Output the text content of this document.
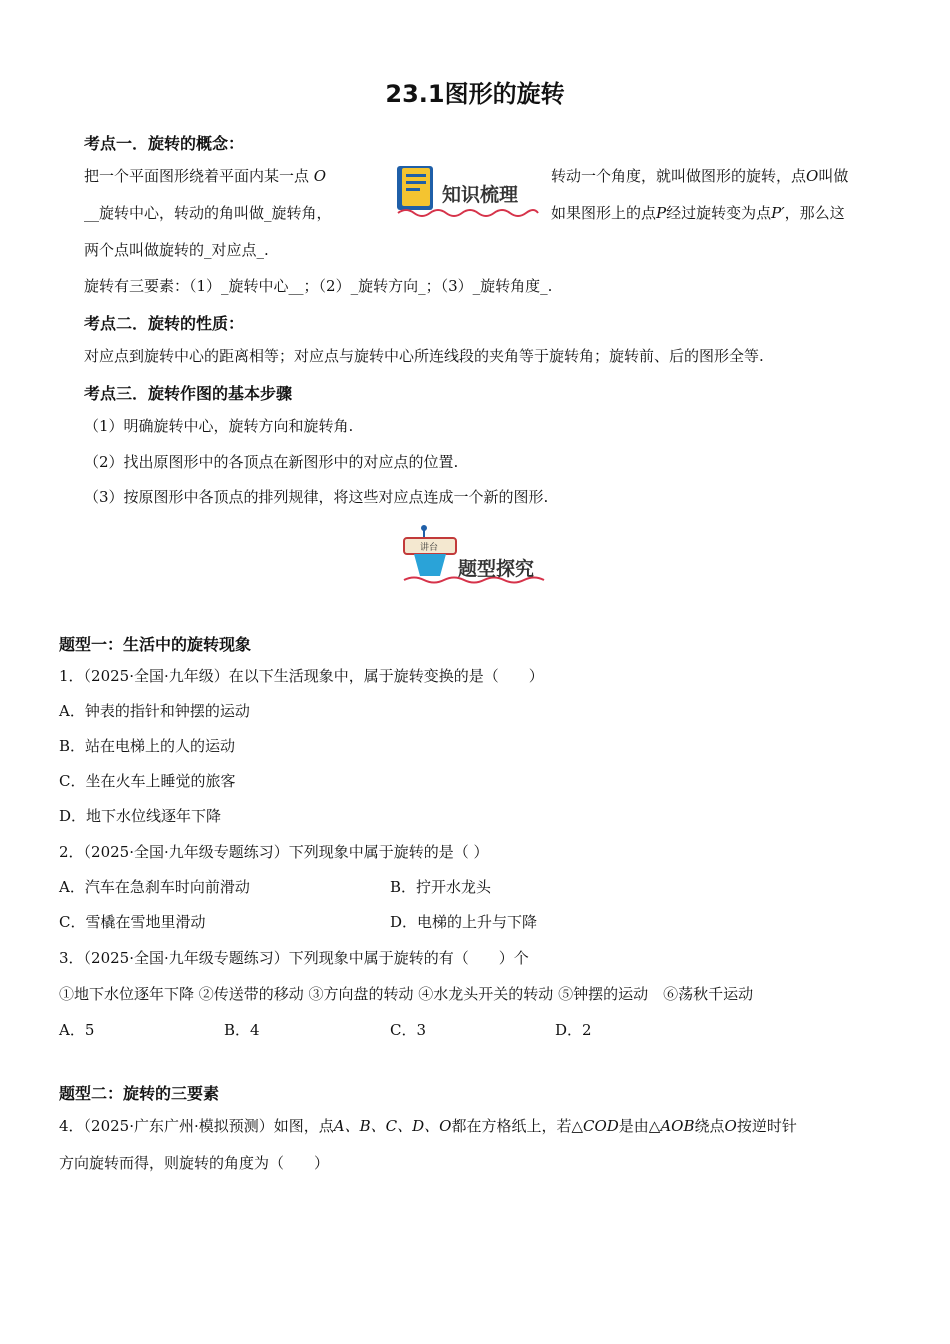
23.1图形的旋转
考点一．旋转的概念：
把一个平面图形绕着平面内某一点 O	转动一个角度，就叫做图形的旋转，点O叫做
知识梳理
__旋转中心，转动的角叫做_旋转角，	如果图形上的点P经过旋转变为点P′，那么这
两个点叫做旋转的_对应点_.
旋转有三要素：（1）_旋转中心__；（2）_旋转方向_；（3）_旋转角度_.
考点二．旋转的性质：
对应点到旋转中心的距离相等；对应点与旋转中心所连线段的夹角等于旋转角；旋转前、后的图形全等.
考点三．旋转作图的基本步骤
（1）明确旋转中心，旋转方向和旋转角.
（2）找出原图形中的各顶点在新图形中的对应点的位置.
（3）按原图形中各顶点的排列规律，将这些对应点连成一个新的图形.
讲台
题型探究
题型一：生活中的旋转现象
1．（2025·全国·九年级）在以下生活现象中，属于旋转变换的是（　　）
A．钟表的指针和钟摆的运动
B．站在电梯上的人的运动
C．坐在火车上睡觉的旅客
D．地下水位线逐年下降
2．（2025·全国·九年级专题练习）下列现象中属于旋转的是（ ）
A．汽车在急刹车时向前滑动	B．拧开水龙头
C．雪橇在雪地里滑动	D．电梯的上升与下降
3．（2025·全国·九年级专题练习）下列现象中属于旋转的有（　　）个
①地下水位逐年下降 ②传送带的移动 ③方向盘的转动 ④水龙头开关的转动 ⑤钟摆的运动　⑥荡秋千运动
A．5	B．4	C．3	D．2
题型二：旋转的三要素
4．（2025·广东广州·模拟预测）如图，点A、B、C、D、O都在方格纸上，若△COD是由△AOB绕点O按逆时针
方向旋转而得，则旋转的角度为（　　）
